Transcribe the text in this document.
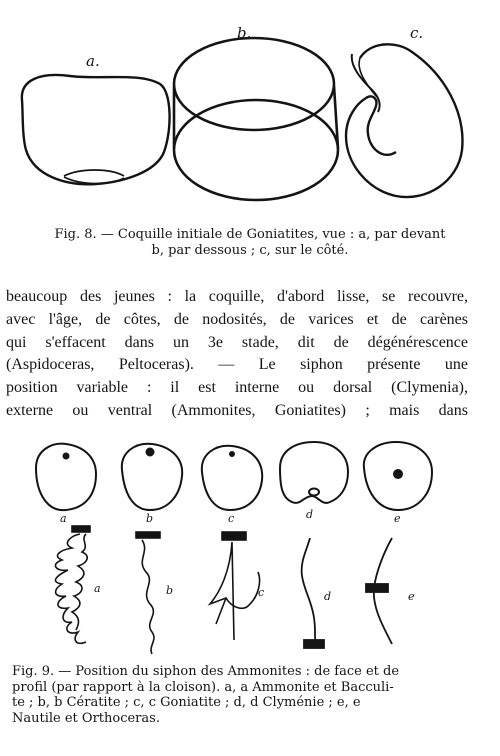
a.
b.	c.

Fig. 8. — Coquille initiale de Goniatites, vue : a, par devant
b, par dessous ; c, sur le côté.

beaucoup des jeunes : la coquille, d'abord lisse, se recouvre,
avec l'âge, de côtes, de nodosités, de varices et de carènes
qui s'effacent dans un 3e stade, dit de dégénérescence
(Aspidoceras, Peltoceras). — Le siphon présente une
position variable : il est interne ou dorsal (Clymenia),
externe ou ventral (Ammonites, Goniatites) ; mais dans
a	b	c	d	e
a	b	c	d	e

Fig. 9. — Position du siphon des Ammonites : de face et de
profil (par rapport à la cloison). a, a Ammonite et Bacculi-
te ; b, b Cératite ; c, c Goniatite ; d, d Clyménie ; e, e
Nautile et Orthoceras.
